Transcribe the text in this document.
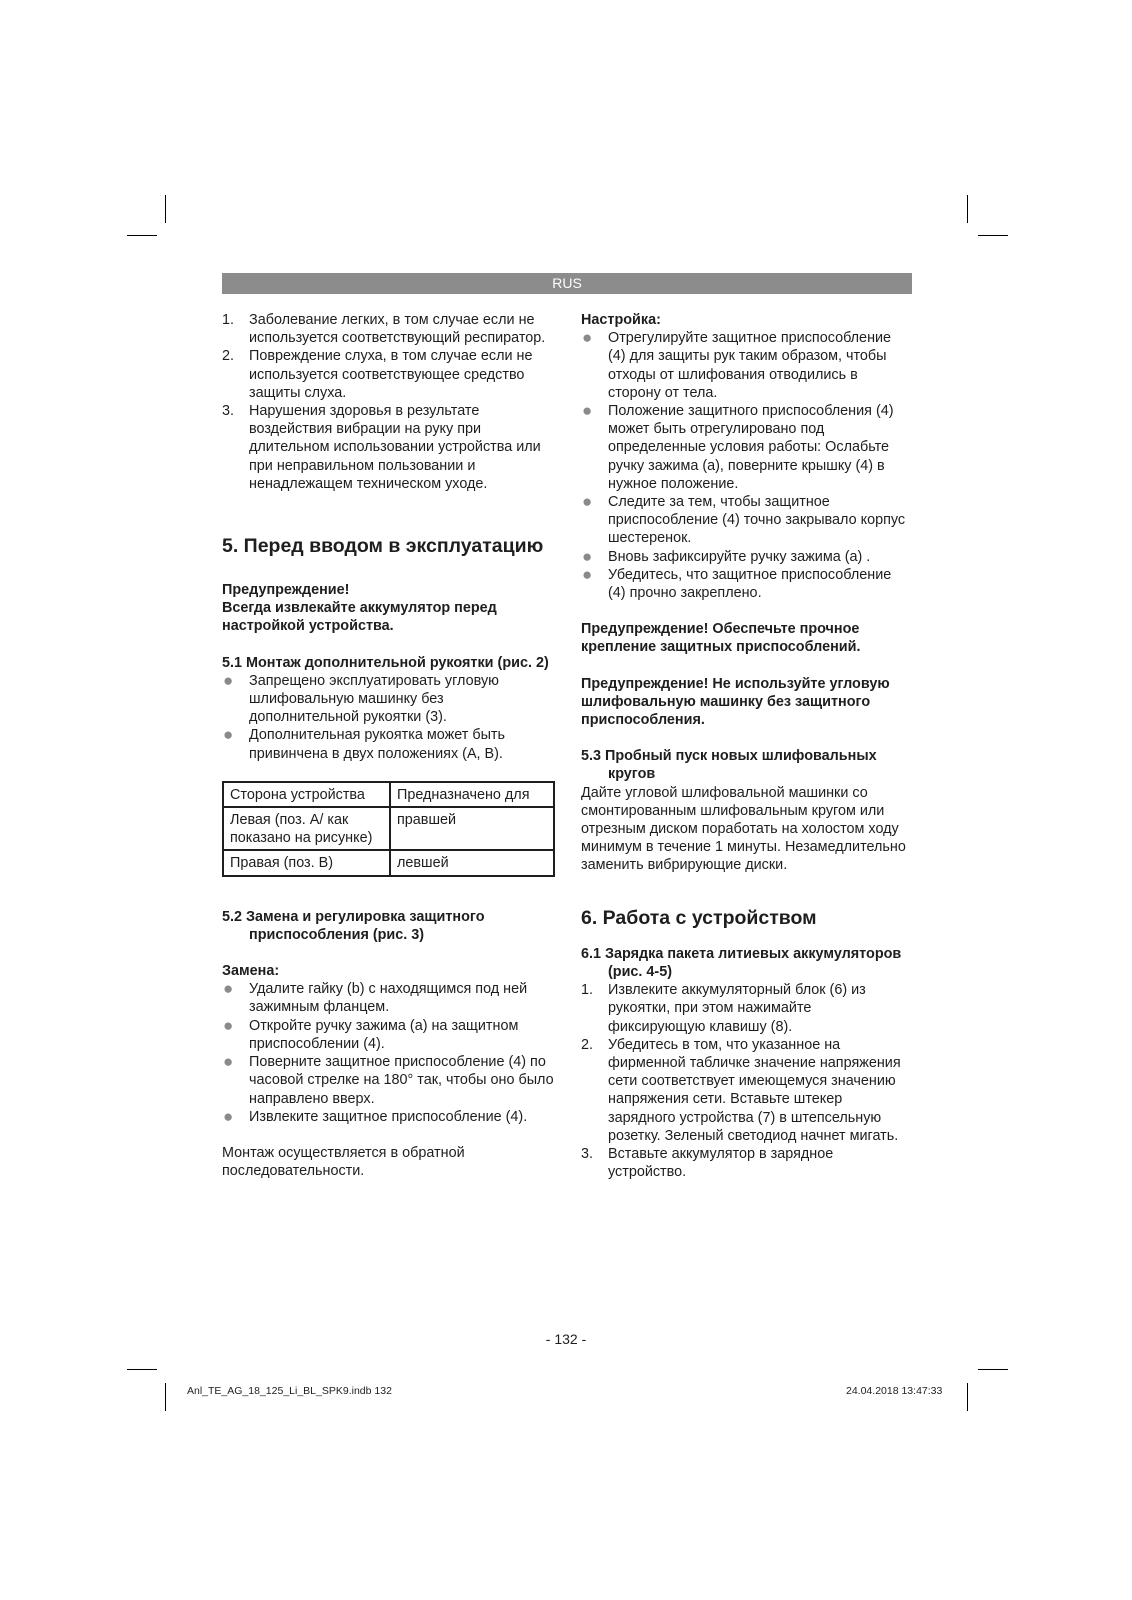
RUS
1. Заболевание легких, в том случае если не используется соответствующий респиратор.
2. Повреждение слуха, в том случае если не используется соответствующее средство защиты слуха.
3. Нарушения здоровья в результате воздействия вибрации на руку при длительном использовании устройства или при неправильном пользовании и ненадлежащем техническом уходе.
5. Перед вводом в эксплуатацию
Предупреждение!
Всегда извлекайте аккумулятор перед настройкой устройства.
5.1 Монтаж дополнительной рукоятки (рис. 2)
● Запрещено эксплуатировать угловую шлифовальную машинку без дополнительной рукоятки (3).
● Дополнительная рукоятка может быть привинчена в двух положениях (A, B).
Сторона устройства	Предназначено для
Левая (поз. A/ как показано на рисунке)	правшей
Правая (поз. B)	левшей
5.2 Замена и регулировка защитного приспособления (рис. 3)
Замена:
● Удалите гайку (b) с находящимся под ней зажимным фланцем.
● Откройте ручку зажима (a) на защитном приспособлении (4).
● Поверните защитное приспособление (4) по часовой стрелке на 180° так, чтобы оно было направлено вверх.
● Извлеките защитное приспособление (4).

Монтаж осуществляется в обратной последовательности.

Настройка:
● Отрегулируйте защитное приспособление (4) для защиты рук таким образом, чтобы отходы от шлифования отводились в сторону от тела.
● Положение защитного приспособления (4) может быть отрегулировано под определенные условия работы: Ослабьте ручку зажима (a), поверните крышку (4) в нужное положение.
● Следите за тем, чтобы защитное приспособление (4) точно закрывало корпус шестеренок.
● Вновь зафиксируйте ручку зажима (a) .
● Убедитесь, что защитное приспособление (4) прочно закреплено.
Предупреждение! Обеспечьте прочное крепление защитных приспособлений.
Предупреждение! Не используйте угловую шлифовальную машинку без защитного приспособления.
5.3 Пробный пуск новых шлифовальных кругов

Дайте угловой шлифовальной машинки со смонтированным шлифовальным кругом или отрезным диском поработать на холостом ходу минимум в течение 1 минуты. Незамедлительно заменить вибрирующие диски.

6. Работа с устройством
6.1 Зарядка пакета литиевых аккумуляторов (рис. 4-5)
1. Извлеките аккумуляторный блок (6) из рукоятки, при этом нажимайте фиксирующую клавишу (8).
2. Убедитесь в том, что указанное на фирменной табличке значение напряжения сети соответствует имеющемуся значению напряжения сети. Вставьте штекер зарядного устройства (7) в штепсельную розетку. Зеленый светодиод начнет мигать.
3. Вставьте аккумулятор в зарядное устройство.
- 132 -
Anl_TE_AG_18_125_Li_BL_SPK9.indb 132	24.04.2018 13:47:33
